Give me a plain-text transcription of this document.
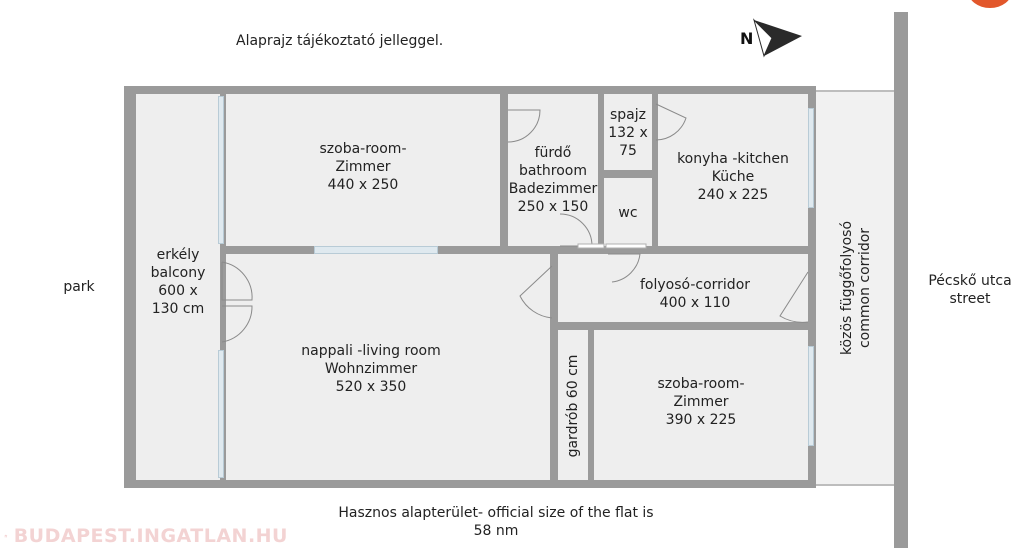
Alaprajz tájékoztató jelleggel.	N
park	Pécskő utca
street
közös függőfolyosó
common corridor
erkély
balcony
600 x
130 cm
szoba-room-
Zimmer
440 x 250
fürdő
bathroom
Badezimmer
250 x 150
spajz
132 x
75
wc
konyha -kitchen
Küche
240 x 225
folyosó-corridor
400 x 110
nappali -living room
Wohnzimmer
520 x 350	gardrób 60 cm	szoba-room-
Zimmer
390 x 225
Hasznos alapterület- official size of the flat is
58 nm
BUDAPEST.INGATLAN.HU
